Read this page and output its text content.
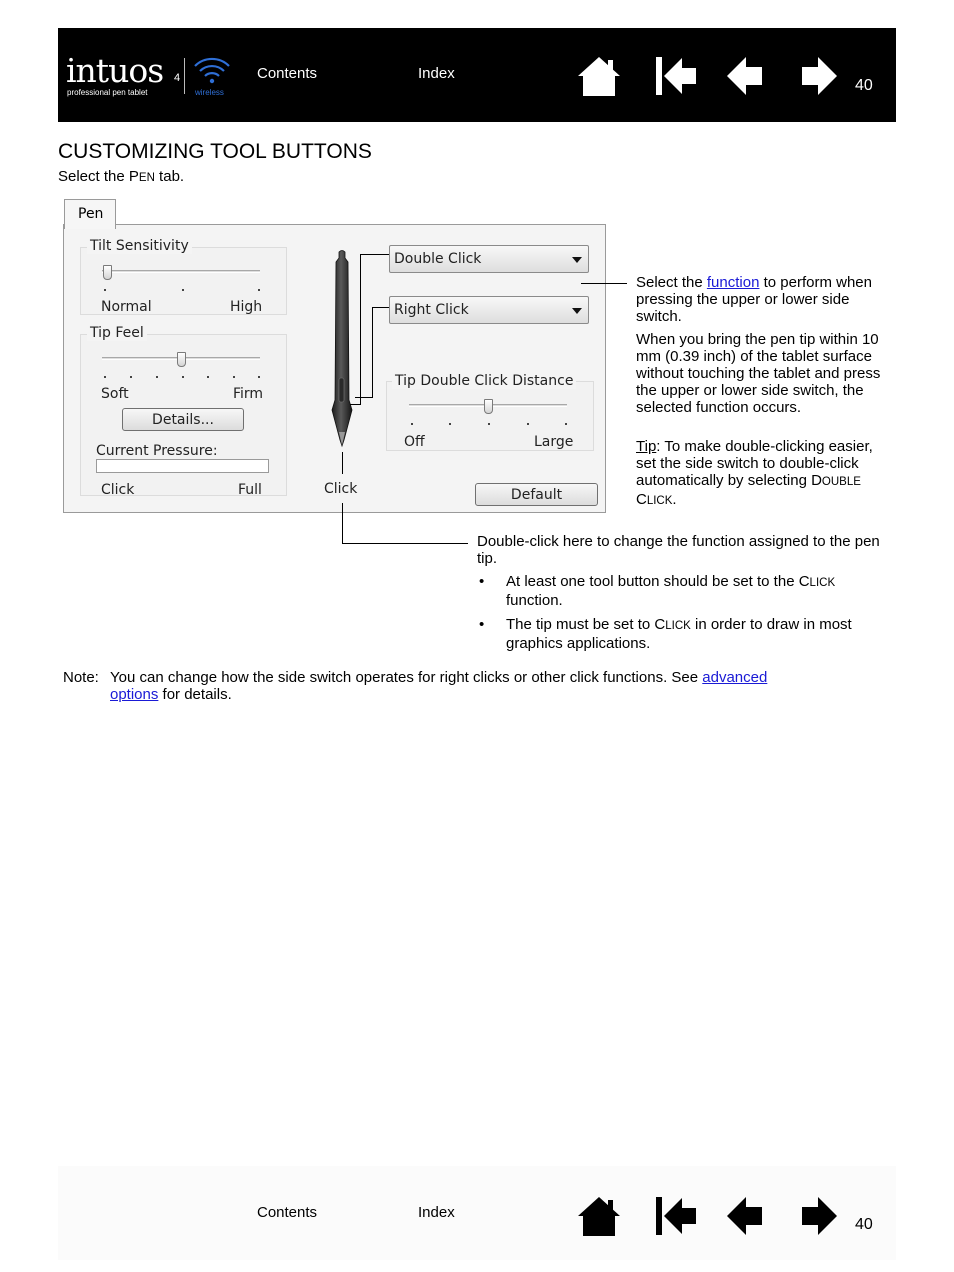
intuos 4
professional pen tablet	wireless
Contents	Index
40
CUSTOMIZING TOOL BUTTONS
Select the PEN tab.
Pen
Tilt Sensitivity
Normal	High
Tip Feel
Soft	Firm
Details...
Current Pressure:
Click	Full	Click
Double Click
Right Click
Tip Double Click Distance
Off	Large
Default
Select the function to perform when pressing the upper or lower side switch.
When you bring the pen tip within 10 mm (0.39 inch) of the tablet surface without touching the tablet and press the upper or lower side switch, the selected function occurs.
Tip: To make double-clicking easier, set the side switch to double-click automatically by selecting DOUBLE CLICK.
Double-click here to change the function assigned to the pen tip.
• At least one tool button should be set to the CLICK function.
• The tip must be set to CLICK in order to draw in most graphics applications.
Note: You can change how the side switch operates for right clicks or other click functions. See advanced
options for details.
Contents	Index
40
